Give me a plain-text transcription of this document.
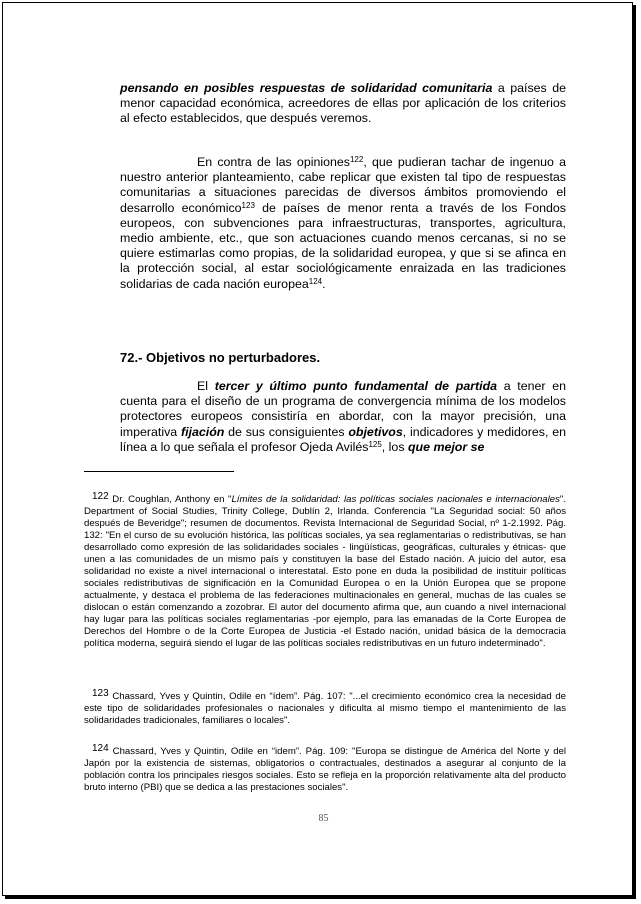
pensando en posibles respuestas de solidaridad comunitaria a países de menor capacidad económica, acreedores de ellas por aplicación de los criterios al efecto establecidos, que después veremos.

En contra de las opiniones$^{122}$, que pudieran tachar de ingenuo a nuestro anterior planteamiento, cabe replicar que existen tal tipo de respuestas comunitarias a situaciones parecidas de diversos ámbitos promoviendo el desarrollo económico$^{123}$ de países de menor renta a través de los Fondos europeos, con subvenciones para infraestructuras, transportes, agricultura, medio ambiente, etc., que son actuaciones cuando menos cercanas, si no se quiere estimarlas como propias, de la solidaridad europea, y que si se afinca en la protección social, al estar sociológicamente enraizada en las tradiciones solidarias de cada nación europea$^{124}$.

72.- Objetivos no perturbadores.

El tercer y último punto fundamental de partida a tener en cuenta para el diseño de un programa de convergencia mínima de los modelos protectores europeos consistiría en abordar, con la mayor precisión, una imperativa fijación de sus consiguientes objetivos, indicadores y medidores, en línea a lo que señala el profesor Ojeda Avilés$^{125}$, los que mejor se

122 Dr. Coughlan, Anthony en "Límites de la solidaridad: las políticas sociales nacionales e internacionales". Department of Social Studies, Trinity College, Dublín 2, Irlanda. Conferencia "La Seguridad social: 50 años después de Beveridge"; resumen de documentos. Revista Internacional de Seguridad Social, nº 1-2.1992. Pág. 132: "En el curso de su evolución histórica, las políticas sociales, ya sea reglamentarias o redistributivas, se han desarrollado como expresión de las solidaridades sociales - lingüísticas, geográficas, culturales y étnicas- que unen a las comunidades de un mismo país y constituyen la base del Estado nación. A juicio del autor, esa solidaridad no existe a nivel internacional o interestatal. Esto pone en duda la posibilidad de instituir políticas sociales redistributivas de significación en la Comunidad Europea o en la Unión Europea que se propone actualmente, y destaca el problema de las federaciones multinacionales en general, muchas de las cuales se dislocan o están comenzando a zozobrar. El autor del documento afirma que, aun cuando a nivel internacional hay lugar para las políticas sociales reglamentarias -por ejemplo, para las emanadas de la Corte Europea de Derechos del Hombre o de la Corte Europea de Justicia -el Estado nación, unidad básica de la democracia política moderna, seguirá siendo el lugar de las políticas sociales redistributivas en un futuro indeterminado".

123 Chassard, Yves y Quintin, Odile en “ídem”. Pág. 107: "...el crecimiento económico crea la necesidad de este tipo de solidaridades profesionales o nacionales y dificulta al mismo tiempo el mantenimiento de las solidaridades tradicionales, familiares o locales".

124 Chassard, Yves y Quintin, Odile en “idem”. Pág. 109: "Europa se distingue de América del Norte y del Japón por la existencia de sistemas, obligatorios o contractuales, destinados a asegurar al conjunto de la población contra los principales riesgos sociales. Esto se refleja en la proporción relativamente alta del producto bruto interno (PBI) que se dedica a las prestaciones sociales".

85
